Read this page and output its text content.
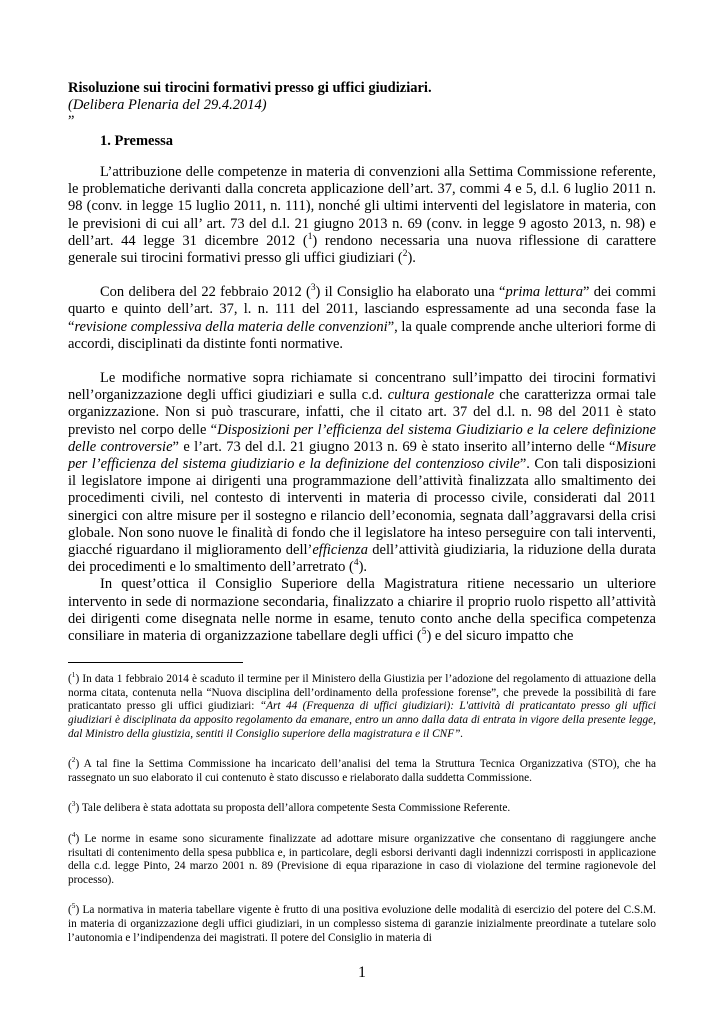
Risoluzione sui tirocini formativi presso gi uffici giudiziari.

(Delibera Plenaria del 29.4.2014)

”

1. Premessa

L’attribuzione delle competenze in materia di convenzioni alla Settima Commissione referente, le problematiche derivanti dalla concreta applicazione dell’art. 37, commi 4 e 5, d.l. 6 luglio 2011 n. 98 (conv. in legge 15 luglio 2011, n. 111), nonché gli ultimi interventi del legislatore in materia, con le previsioni di cui all’ art. 73 del d.l. 21 giugno 2013 n. 69 (conv. in legge 9 agosto 2013, n. 98) e dell’art. 44 legge 31 dicembre 2012 ($^1$) rendono necessaria una nuova riflessione di carattere generale sui tirocini formativi presso gli uffici giudiziari ($^2$).

Con delibera del 22 febbraio 2012 ($^3$) il Consiglio ha elaborato una “prima lettura” dei commi quarto e quinto dell’art. 37, l. n. 111 del 2011, lasciando espressamente ad una seconda fase la “revisione complessiva della materia delle convenzioni”, la quale comprende anche ulteriori forme di accordi, disciplinati da distinte fonti normative.

Le modifiche normative sopra richiamate si concentrano sull’impatto dei tirocini formativi nell’organizzazione degli uffici giudiziari e sulla c.d. cultura gestionale che caratterizza ormai tale organizzazione. Non si può trascurare, infatti, che il citato art. 37 del d.l. n. 98 del 2011 è stato previsto nel corpo delle “Disposizioni per l’efficienza del sistema Giudiziario e la celere definizione delle controversie” e l’art. 73 del d.l. 21 giugno 2013 n. 69 è stato inserito all’interno delle “Misure per l’efficienza del sistema giudiziario e la definizione del contenzioso civile”. Con tali disposizioni il legislatore impone ai dirigenti una programmazione dell’attività finalizzata allo smaltimento dei procedimenti civili, nel contesto di interventi in materia di processo civile, considerati dal 2011 sinergici con altre misure per il sostegno e rilancio dell’economia, segnata dall’aggravarsi della crisi globale. Non sono nuove le finalità di fondo che il legislatore ha inteso perseguire con tali interventi, giacché riguardano il miglioramento dell’efficienza dell’attività giudiziaria, la riduzione della durata dei procedimenti e lo smaltimento dell’arretrato ($^4$).

In quest’ottica il Consiglio Superiore della Magistratura ritiene necessario un ulteriore intervento in sede di normazione secondaria, finalizzato a chiarire il proprio ruolo rispetto all’attività dei dirigenti come disegnata nelle norme in esame, tenuto conto anche della specifica competenza consiliare in materia di organizzazione tabellare degli uffici ($^5$) e del sicuro impatto che

($^1$) In data 1 febbraio 2014 è scaduto il termine per il Ministero della Giustizia per l’adozione del regolamento di attuazione della norma citata, contenuta nella “Nuova disciplina dell’ordinamento della professione forense”, che prevede la possibilità di fare praticantato presso gli uffici giudiziari: “Art 44 (Frequenza di uffici giudiziari): L'attività di praticantato presso gli uffici giudiziari è disciplinata da apposito regolamento da emanare, entro un anno dalla data di entrata in vigore della presente legge, dal Ministro della giustizia, sentiti il Consiglio superiore della magistratura e il CNF”.

($^2$) A tal fine la Settima Commissione ha incaricato dell’analisi del tema la Struttura Tecnica Organizzativa (STO), che ha rassegnato un suo elaborato il cui contenuto è stato discusso e rielaborato dalla suddetta Commissione.

($^3$) Tale delibera è stata adottata su proposta dell’allora competente Sesta Commissione Referente.

($^4$) Le norme in esame sono sicuramente finalizzate ad adottare misure organizzative che consentano di raggiungere anche risultati di contenimento della spesa pubblica e, in particolare, degli esborsi derivanti dagli indennizzi corrisposti in applicazione della c.d. legge Pinto, 24 marzo 2001 n. 89 (Previsione di equa riparazione in caso di violazione del termine ragionevole del processo).

($^5$) La normativa in materia tabellare vigente è frutto di una positiva evoluzione delle modalità di esercizio del potere del C.S.M. in materia di organizzazione degli uffici giudiziari, in un complesso sistema di garanzie inizialmente preordinate a tutelare solo l’autonomia e l’indipendenza dei magistrati. Il potere del Consiglio in materia di

1
